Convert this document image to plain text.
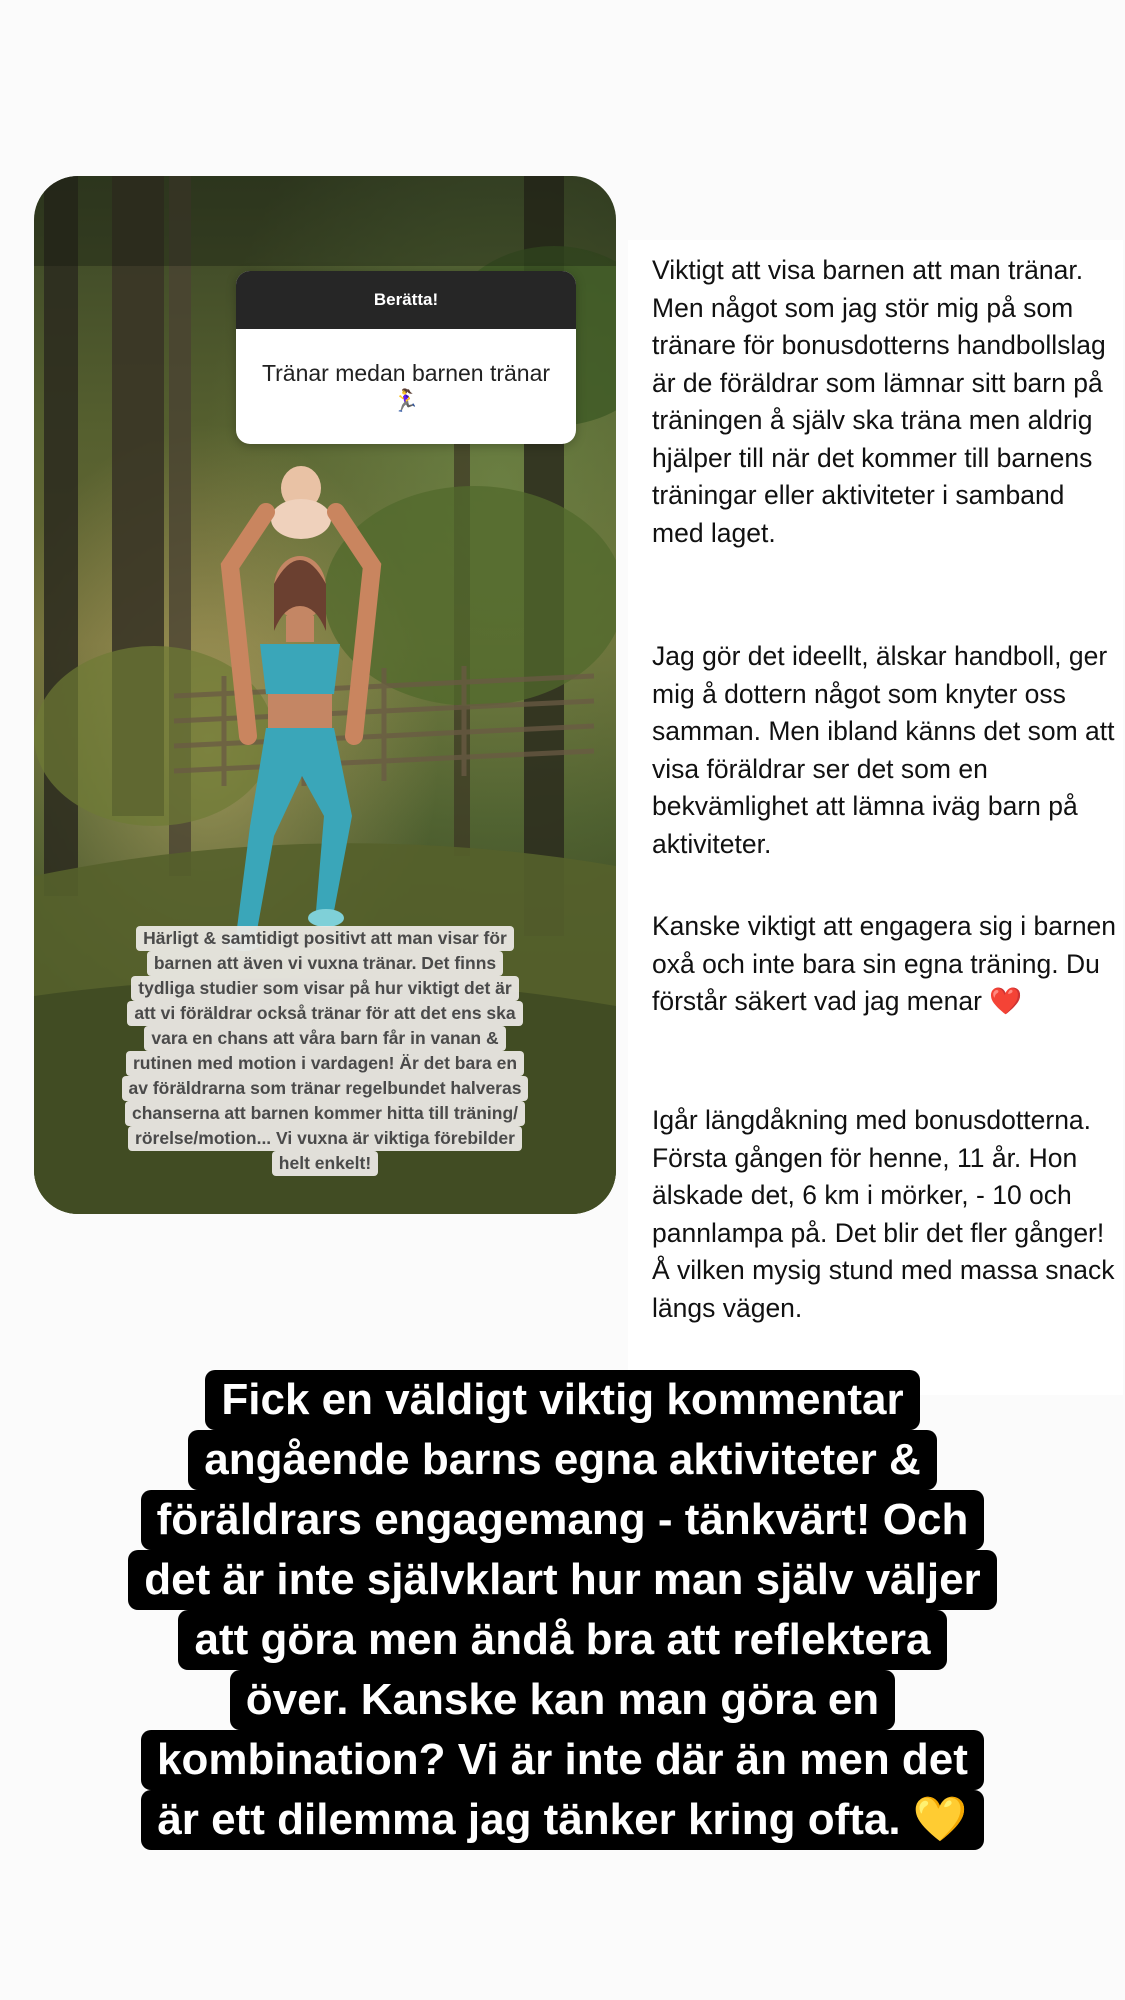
Berätta!
Tränar medan barnen tränar
🏃‍♀️
Härligt & samtidigt positivt att man visar för
barnen att även vi vuxna tränar. Det finns
tydliga studier som visar på hur viktigt det är
att vi föräldrar också tränar för att det ens ska
vara en chans att våra barn får in vanan &
rutinen med motion i vardagen! Är det bara en
av föräldrarna som tränar regelbundet halveras
chanserna att barnen kommer hitta till träning/
rörelse/motion... Vi vuxna är viktiga förebilder
helt enkelt!

Viktigt att visa barnen att man tränar. Men något som jag stör mig på som tränare för bonusdotterns handbollslag är de föräldrar som lämnar sitt barn på träningen å själv ska träna men aldrig hjälper till när det kommer till barnens träningar eller aktiviteter i samband med laget.

Jag gör det ideellt, älskar handboll, ger mig å dottern något som knyter oss samman. Men ibland känns det som att visa föräldrar ser det som en bekvämlighet att lämna iväg barn på aktiviteter.

Kanske viktigt att engagera sig i barnen oxå och inte bara sin egna träning. Du förstår säkert vad jag menar ❤️

Igår längdåkning med bonusdotterna. Första gången för henne, 11 år. Hon älskade det, 6 km i mörker, - 10 och pannlampa på. Det blir det fler gånger! Å vilken mysig stund med massa snack längs vägen.

Fick en väldigt viktig kommentar
angående barns egna aktiviteter &
föräldrars engagemang - tänkvärt! Och
det är inte självklart hur man själv väljer
att göra men ändå bra att reflektera
över. Kanske kan man göra en
kombination? Vi är inte där än men det
är ett dilemma jag tänker kring ofta. 💛
